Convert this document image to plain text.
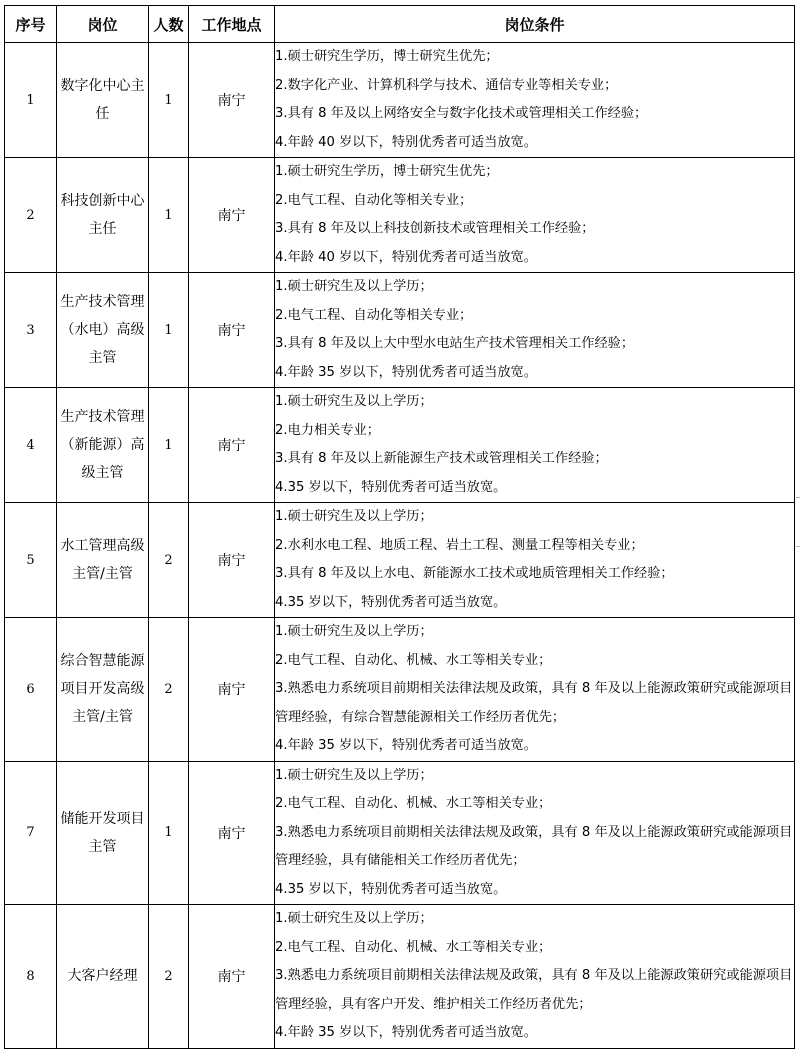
序号	岗位	人数	工作地点	岗位条件
1	数字化中心主任	1	南宁	1.硕士研究生学历，博士研究生优先；
2.数字化产业、计算机科学与技术、通信专业等相关专业；
3.具有 8 年及以上网络安全与数字化技术或管理相关工作经验；
4.年龄 40 岁以下，特别优秀者可适当放宽。

2	科技创新中心主任	1	南宁	1.硕士研究生学历，博士研究生优先；
2.电气工程、自动化等相关专业；
3.具有 8 年及以上科技创新技术或管理相关工作经验；
4.年龄 40 岁以下，特别优秀者可适当放宽。

3	生产技术管理（水电）高级主管	1	南宁	1.硕士研究生及以上学历；
2.电气工程、自动化等相关专业；
3.具有 8 年及以上大中型水电站生产技术管理相关工作经验；
4.年龄 35 岁以下，特别优秀者可适当放宽。

4	生产技术管理（新能源）高级主管	1	南宁	1.硕士研究生及以上学历；
2.电力相关专业；
3.具有 8 年及以上新能源生产技术或管理相关工作经验；
4.35 岁以下，特别优秀者可适当放宽。

5	水工管理高级主管/主管	2	南宁	1.硕士研究生及以上学历；
2.水利水电工程、地质工程、岩土工程、测量工程等相关专业；
3.具有 8 年及以上水电、新能源水工技术或地质管理相关工作经验；
4.35 岁以下，特别优秀者可适当放宽。

6	综合智慧能源项目开发高级主管/主管	2	南宁	1.硕士研究生及以上学历；
2.电气工程、自动化、机械、水工等相关专业；
3.熟悉电力系统项目前期相关法律法规及政策，具有 8 年及以上能源政策研究或能源项目管理经验，有综合智慧能源相关工作经历者优先；
4.年龄 35 岁以下，特别优秀者可适当放宽。

7	储能开发项目主管	1	南宁	1.硕士研究生及以上学历；
2.电气工程、自动化、机械、水工等相关专业；
3.熟悉电力系统项目前期相关法律法规及政策，具有 8 年及以上能源政策研究或能源项目管理经验，具有储能相关工作经历者优先；
4.35 岁以下，特别优秀者可适当放宽。

8	大客户经理	2	南宁	1.硕士研究生及以上学历；
2.电气工程、自动化、机械、水工等相关专业；
3.熟悉电力系统项目前期相关法律法规及政策，具有 8 年及以上能源政策研究或能源项目管理经验，具有客户开发、维护相关工作经历者优先；
4.年龄 35 岁以下，特别优秀者可适当放宽。
